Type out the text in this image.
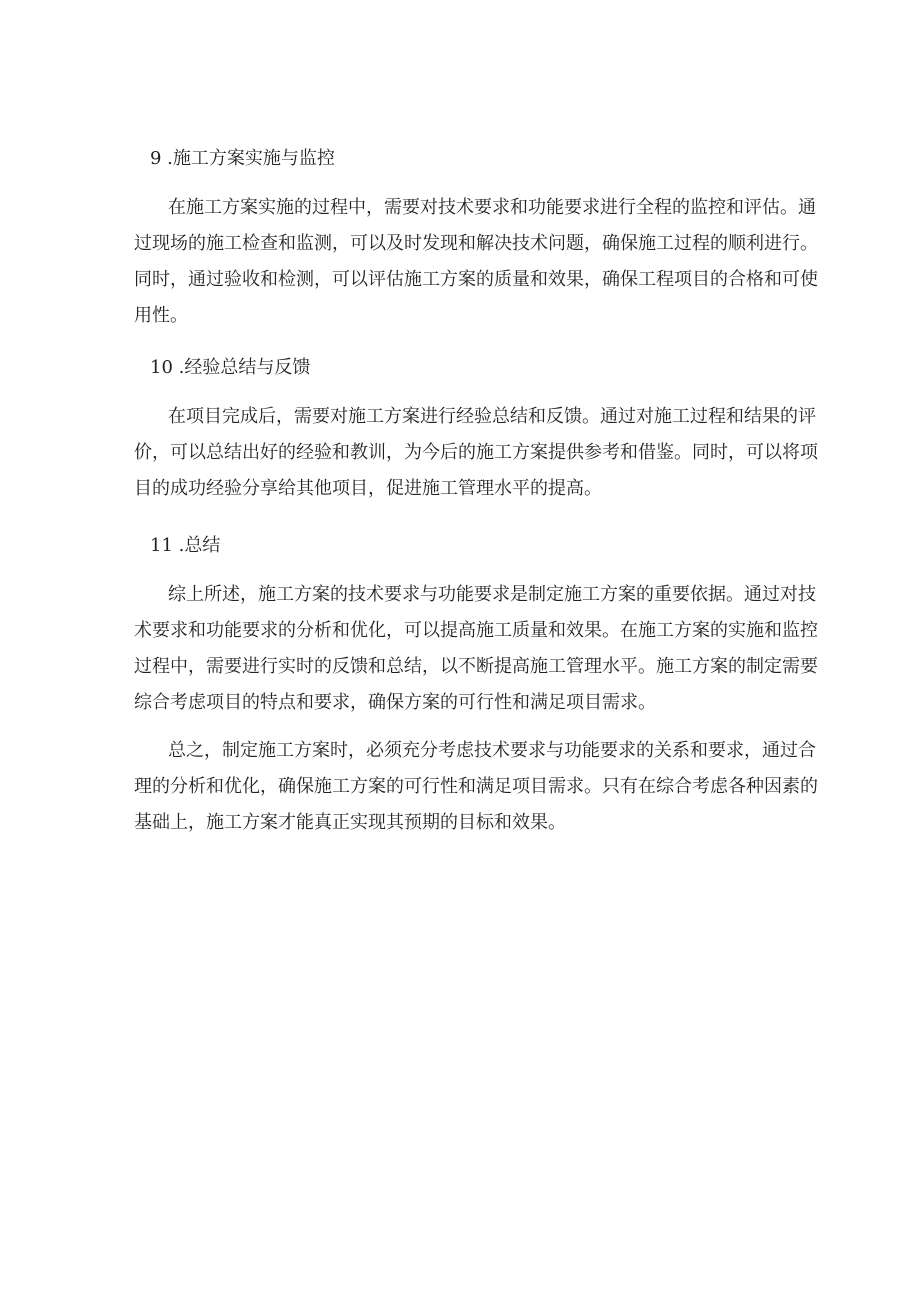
9 .施工方案实施与监控
在施工方案实施的过程中，需要对技术要求和功能要求进行全程的监控和评估。通
过现场的施工检查和监测，可以及时发现和解决技术问题，确保施工过程的顺利进行。
同时，通过验收和检测，可以评估施工方案的质量和效果，确保工程项目的合格和可使
用性。
10 .经验总结与反馈
在项目完成后，需要对施工方案进行经验总结和反馈。通过对施工过程和结果的评
价，可以总结出好的经验和教训，为今后的施工方案提供参考和借鉴。同时，可以将项
目的成功经验分享给其他项目，促进施工管理水平的提高。
11 .总结
综上所述，施工方案的技术要求与功能要求是制定施工方案的重要依据。通过对技
术要求和功能要求的分析和优化，可以提高施工质量和效果。在施工方案的实施和监控
过程中，需要进行实时的反馈和总结，以不断提高施工管理水平。施工方案的制定需要
综合考虑项目的特点和要求，确保方案的可行性和满足项目需求。
总之，制定施工方案时，必须充分考虑技术要求与功能要求的关系和要求，通过合
理的分析和优化，确保施工方案的可行性和满足项目需求。只有在综合考虑各种因素的
基础上，施工方案才能真正实现其预期的目标和效果。
